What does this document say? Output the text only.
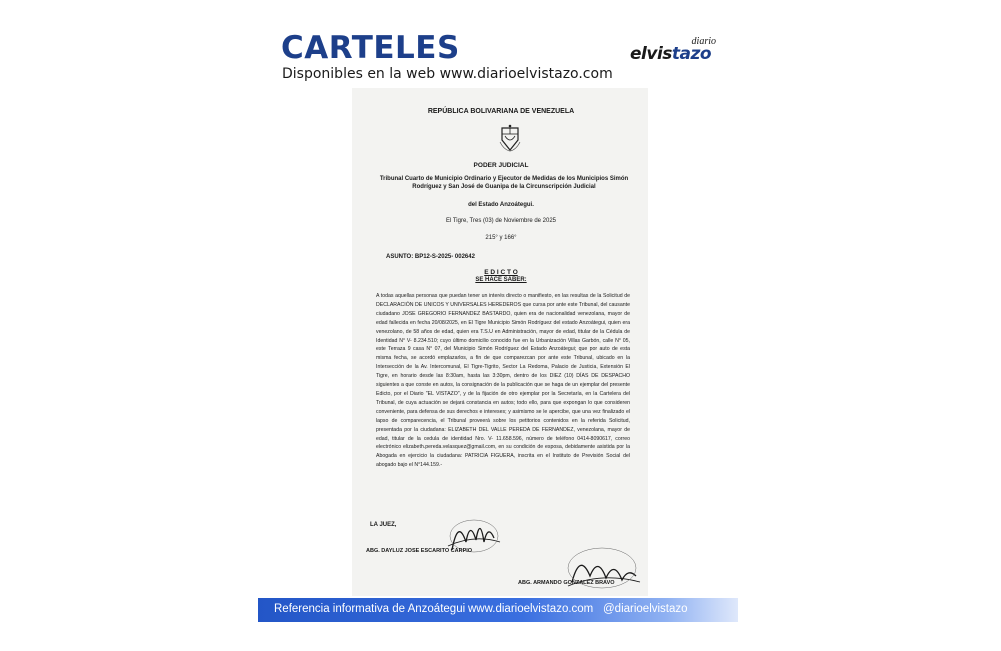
CARTELES
Disponibles en la web www.diarioelvistazo.com
diario
elvistazo
REPÚBLICA BOLIVARIANA DE VENEZUELA
PODER JUDICIAL
Tribunal Cuarto de Municipio Ordinario y Ejecutor de Medidas de los Municipios Simón Rodríguez y San José de Guanipa de la Circunscripción Judicial
del Estado Anzoátegui.
El Tigre, Tres (03) de Noviembre de 2025
215° y 166°
ASUNTO: BP12-S-2025- 002642
E D I C T O
SE HACE SABER:
A todas aquellas personas que puedan tener un interés directo o manifiesto, en las resultas de la Solicitud de DECLARACIÓN DE UNICOS Y UNIVERSALES HEREDEROS que cursa por ante este Tribunal, del causante ciudadano JOSE GREGORIO FERNANDEZ BASTARDO, quien era de nacionalidad venezolana, mayor de edad fallecida en fecha 20/08/2025, en El Tigre Municipio Simón Rodríguez del estado Anzoátegui, quien era venezolano, de 58 años de edad, quien era T.S.U en Administración, mayor de edad, titular de la Cédula de Identidad N° V- 8.234.510; cuyo último domicilio conocido fue en la Urbanización Villas Garbón, calle N° 05, este Terraza 9 casa N° 07, del Municipio Simón Rodríguez del Estado Anzoátegui; que por auto de esta misma fecha, se acordó emplazarlos, a fin de que comparezcan por ante este Tribunal, ubicado en la Intersección de la Av. Intercomunal, El Tigre-Tigrito, Sector La Redoma, Palacio de Justicia, Extensión El Tigre, en horario desde las 8:30am, hasta las 3:30pm, dentro de los DIEZ (10) DÍAS DE DESPACHO siguientes a que conste en autos, la consignación de la publicación que se haga de un ejemplar del presente Edicto, por el Diario "EL VISTAZO", y de la fijación de otro ejemplar por la Secretaría, en la Cartelera del Tribunal, de cuya actuación se dejará constancia en autos; todo ello, para que expongan lo que consideren conveniente, para defensa de sus derechos e intereses; y asimismo se le apercibe, que una vez finalizado el lapso de comparecencia, el Tribunal proveerá sobre los petitorios contenidos en la referida Solicitud, presentada por la ciudadana: ELIZABETH DEL VALLE PEREDA DE FERNANDEZ, venezolana, mayor de edad, titular de la cedula de identidad Nro. V- 11.658.596, número de teléfono 0414-8090617, correo electrónico elizabeth.pereda.velasquez@gmail.com, en su condición de esposa, debidamente asistida por la Abogada en ejercicio la ciudadana: PATRICIA FIGUERA, inscrita en el Instituto de Previsión Social del abogado bajo el N°144.159.-
LA JUEZ,
ABG. DAYLUZ JOSE ESCARITO CARPIO
ABG. ARMANDO GONZALEZ BRAVO
Referencia informativa de Anzoátegui www.diarioelvistazo.com @diarioelvistazo
